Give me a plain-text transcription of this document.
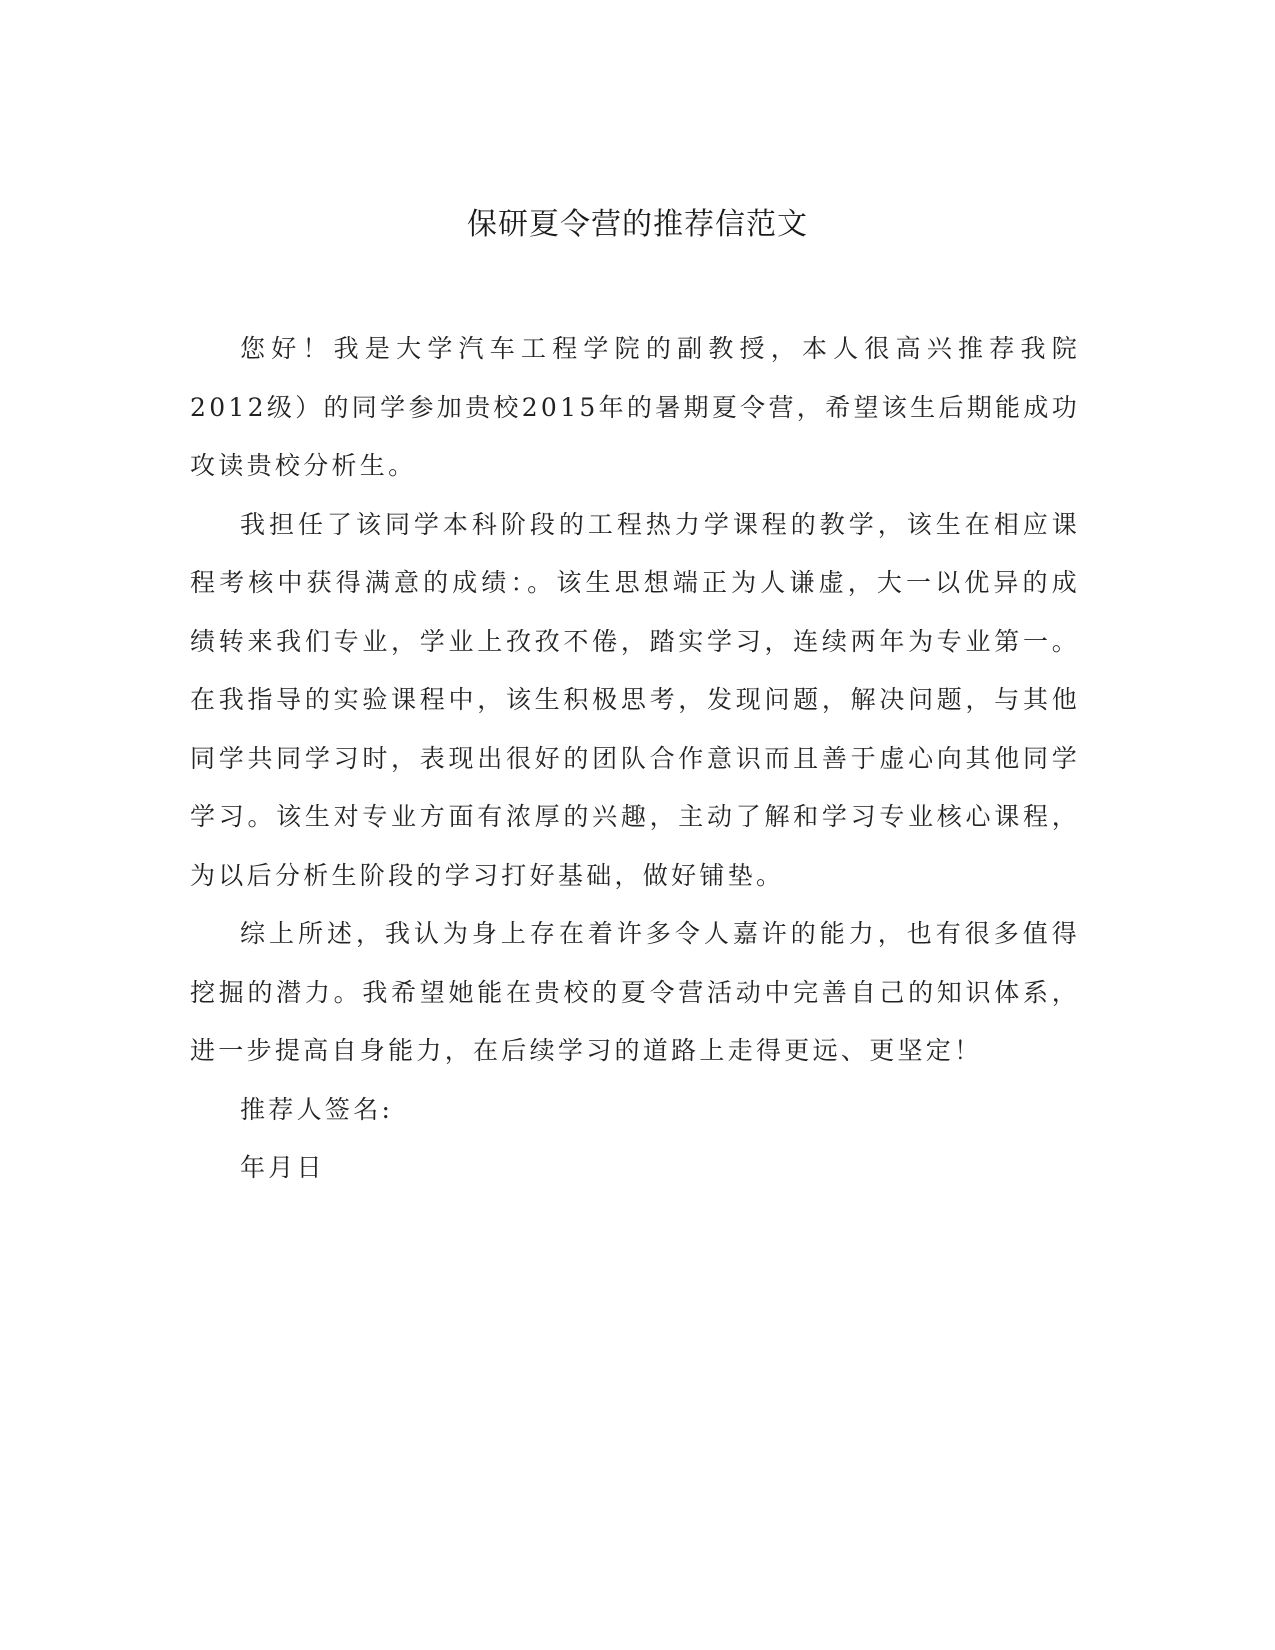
保研夏令营的推荐信范文

您好！我是大学汽车工程学院的副教授，本人很高兴推荐我院2012级）的同学参加贵校2015年的暑期夏令营，希望该生后期能成功攻读贵校分析生。

我担任了该同学本科阶段的工程热力学课程的教学，该生在相应课程考核中获得满意的成绩：。该生思想端正为人谦虚，大一以优异的成绩转来我们专业，学业上孜孜不倦，踏实学习，连续两年为专业第一。在我指导的实验课程中，该生积极思考，发现问题，解决问题，与其他同学共同学习时，表现出很好的团队合作意识而且善于虚心向其他同学学习。该生对专业方面有浓厚的兴趣，主动了解和学习专业核心课程，为以后分析生阶段的学习打好基础，做好铺垫。

综上所述，我认为身上存在着许多令人嘉许的能力，也有很多值得挖掘的潜力。我希望她能在贵校的夏令营活动中完善自己的知识体系，进一步提高自身能力，在后续学习的道路上走得更远、更坚定！

推荐人签名:

年月日
